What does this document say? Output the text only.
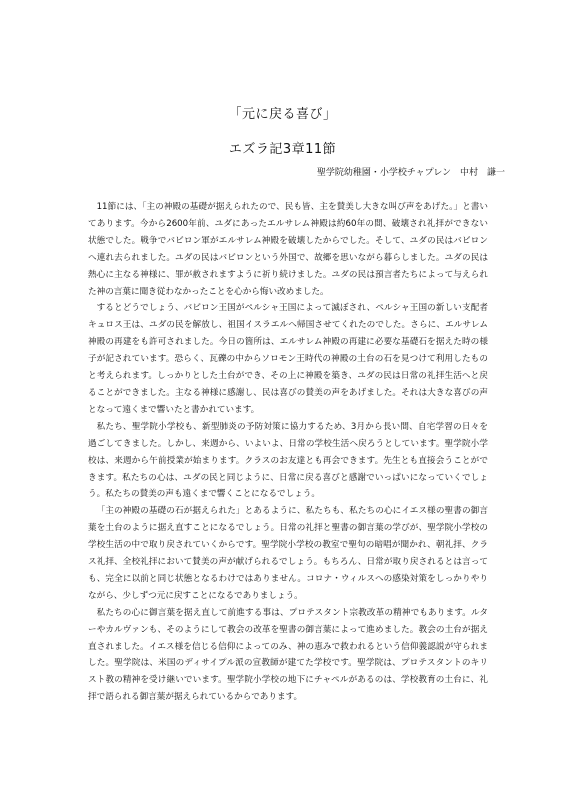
「元に戻る喜び」
エズラ記3章11節
聖学院幼稚園・小学校チャプレン　中村　謙一

11節には、「主の神殿の基礎が据えられたので、民も皆、主を賛美し大きな叫び声をあげた。」と書いてあります。今から2600年前、ユダにあったエルサレム神殿は約60年の間、破壊され礼拝ができない状態でした。戦争でバビロン軍がエルサレム神殿を破壊したからでした。そして、ユダの民はバビロンへ連れ去られました。ユダの民はバビロンという外国で、故郷を思いながら暮らしました。ユダの民は熱心に主なる神様に、罪が赦されますように祈り続けました。ユダの民は預言者たちによって与えられた神の言葉に聞き従わなかったことを心から悔い改めました。

するとどうでしょう、バビロン王国がペルシャ王国によって滅ぼされ、ペルシャ王国の新しい支配者キュロス王は、ユダの民を解放し、祖国イスラエルへ帰国させてくれたのでした。さらに、エルサレム神殿の再建をも許可されました。今日の箇所は、エルサレム神殿の再建に必要な基礎石を据えた時の様子が記されています。恐らく、瓦礫の中からソロモン王時代の神殿の土台の石を見つけて利用したものと考えられます。しっかりとした土台ができ、その上に神殿を築き、ユダの民は日常の礼拝生活へと戻ることができました。主なる神様に感謝し、民は喜びの賛美の声をあげました。それは大きな喜びの声となって遠くまで響いたと書かれています。

私たち、聖学院小学校も、新型肺炎の予防対策に協力するため、3月から長い間、自宅学習の日々を過ごしてきました。しかし、来週から、いよいよ、日常の学校生活へ戻ろうとしています。聖学院小学校は、来週から午前授業が始まります。クラスのお友達とも再会できます。先生とも直接会うことができます。私たちの心は、ユダの民と同じように、日常に戻る喜びと感謝でいっぱいになっていくでしょう。私たちの賛美の声も遠くまで響くことになるでしょう。

「主の神殿の基礎の石が据えられた」とあるように、私たちも、私たちの心にイエス様の聖書の御言葉を土台のように据え直すことになるでしょう。日常の礼拝と聖書の御言葉の学びが、聖学院小学校の学校生活の中で取り戻されていくからです。聖学院小学校の教室で聖句の暗唱が聞かれ、朝礼拝、クラス礼拝、全校礼拝において賛美の声が献げられるでしょう。もちろん、日常が取り戻されるとは言っても、完全に以前と同じ状態となるわけではありません。コロナ・ウィルスへの感染対策をしっかりやりながら、少しずつ元に戻すことになるでありましょう。

私たちの心に御言葉を据え直して前進する事は、プロテスタント宗教改革の精神でもあります。ルターやカルヴァンも、そのようにして教会の改革を聖書の御言葉によって進めました。教会の土台が据え直されました。イエス様を信じる信仰によってのみ、神の恵みで救われるという信仰義認説が守られました。聖学院は、米国のディサイプル派の宣教師が建てた学校です。聖学院は、プロテスタントのキリスト教の精神を受け継いでいます。聖学院小学校の地下にチャペルがあるのは、学校教育の土台に、礼拝で語られる御言葉が据えられているからであります。
